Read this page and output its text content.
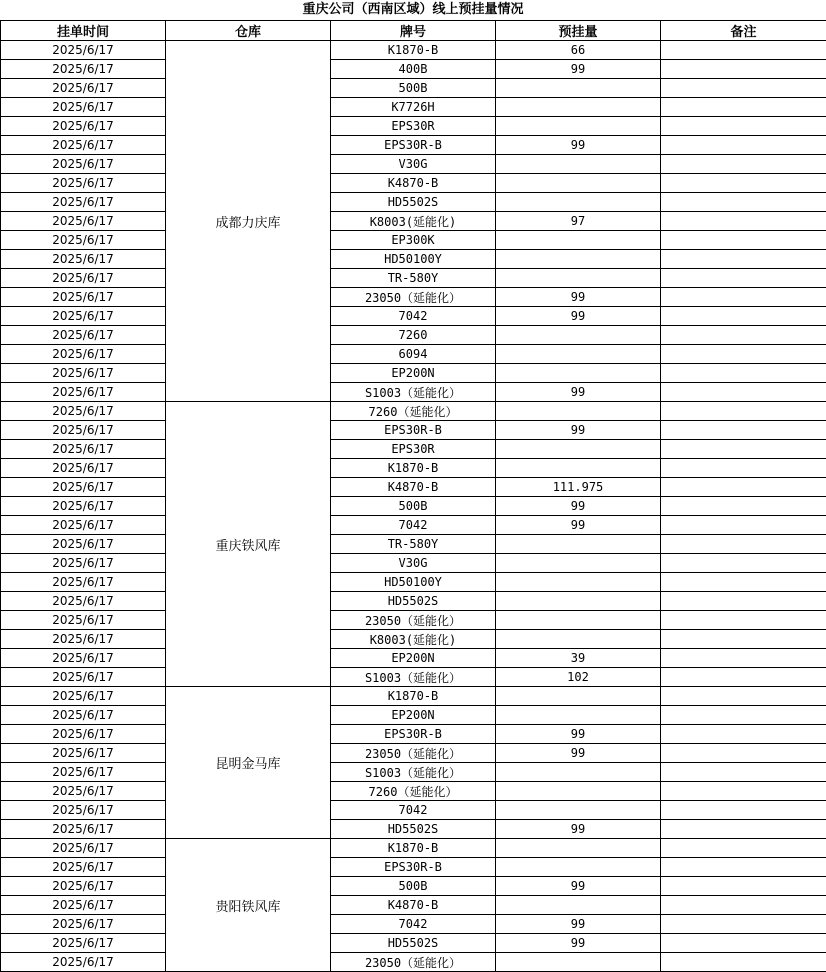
重庆公司（西南区域）线上预挂量情况
挂单时间	仓库	牌号	预挂量	备注
2025/6/17	成都力庆库	K1870-B	66	
2025/6/17		400B	99	
2025/6/17		500B		
2025/6/17		K7726H		
2025/6/17		EPS30R		
2025/6/17		EPS30R-B	99	
2025/6/17		V30G		
2025/6/17		K4870-B		
2025/6/17		HD5502S		
2025/6/17		K8003(延能化)	97	
2025/6/17		EP300K		
2025/6/17		HD50100Y		
2025/6/17		TR-580Y		
2025/6/17		23050（延能化）	99	
2025/6/17		7042	99	
2025/6/17		7260		
2025/6/17		6094		
2025/6/17		EP200N		
2025/6/17		S1003（延能化）	99	
2025/6/17	重庆铁风库	7260（延能化）		
2025/6/17		EPS30R-B	99	
2025/6/17		EPS30R		
2025/6/17		K1870-B		
2025/6/17		K4870-B	111.975	
2025/6/17		500B	99	
2025/6/17		7042	99	
2025/6/17		TR-580Y		
2025/6/17		V30G		
2025/6/17		HD50100Y		
2025/6/17		HD5502S		
2025/6/17		23050（延能化）		
2025/6/17		K8003(延能化)		
2025/6/17		EP200N	39	
2025/6/17		S1003（延能化）	102	
2025/6/17	昆明金马库	K1870-B		
2025/6/17		EP200N		
2025/6/17		EPS30R-B	99	
2025/6/17		23050（延能化）	99	
2025/6/17		S1003（延能化）		
2025/6/17		7260（延能化）		
2025/6/17		7042		
2025/6/17		HD5502S	99	
2025/6/17	贵阳铁风库	K1870-B		
2025/6/17		EPS30R-B		
2025/6/17		500B	99	
2025/6/17		K4870-B		
2025/6/17		7042	99	
2025/6/17		HD5502S	99	
2025/6/17		23050（延能化）		
